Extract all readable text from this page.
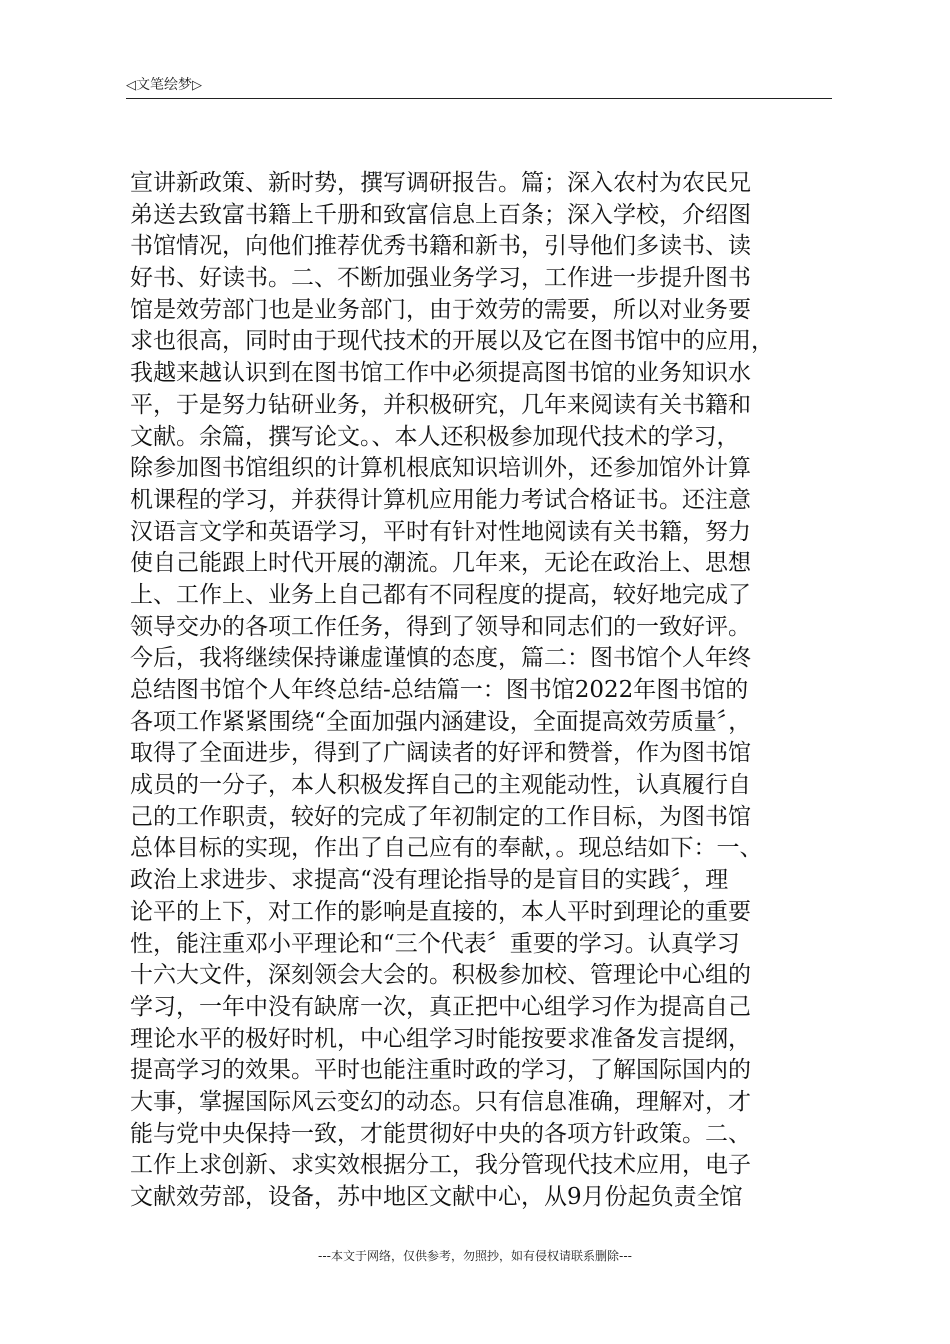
◁文笔绘梦▷
宣讲新政策、新时势，撰写调研报告。篇；深入农村为农民兄
弟送去致富书籍上千册和致富信息上百条；深入学校，介绍图
书馆情况，向他们推荐优秀书籍和新书，引导他们多读书、读
好书、好读书。二、不断加强业务学习，工作进一步提升图书
馆是效劳部门也是业务部门，由于效劳的需要，所以对业务要
求也很高，同时由于现代技术的开展以及它在图书馆中的应用，
我越来越认识到在图书馆工作中必须提高图书馆的业务知识水
平，于是努力钻研业务，并积极研究，几年来阅读有关书籍和
文献。余篇，撰写论文。、本人还积极参加现代技术的学习，
除参加图书馆组织的计算机根底知识培训外，还参加馆外计算
机课程的学习，并获得计算机应用能力考试合格证书。还注意
汉语言文学和英语学习，平时有针对性地阅读有关书籍，努力
使自己能跟上时代开展的潮流。几年来，无论在政治上、思想
上、工作上、业务上自己都有不同程度的提高，较好地完成了
领导交办的各项工作任务，得到了领导和同志们的一致好评。
今后，我将继续保持谦虚谨慎的态度，篇二：图书馆个人年终
总结图书馆个人年终总结-总结篇一：图书馆2022年图书馆的
各项工作紧紧围绕“全面加强内涵建设，全面提高效劳质量〞，
取得了全面进步，得到了广阔读者的好评和赞誉，作为图书馆
成员的一分子，本人积极发挥自己的主观能动性，认真履行自
己的工作职责，较好的完成了年初制定的工作目标，为图书馆
总体目标的实现，作出了自己应有的奉献，。现总结如下：一、
政治上求进步、求提高“没有理论指导的是盲目的实践〞，理
论平的上下，对工作的影响是直接的，本人平时到理论的重要
性，能注重邓小平理论和“三个代表〞重要的学习。认真学习
十六大文件，深刻领会大会的。积极参加校、管理论中心组的
学习，一年中没有缺席一次，真正把中心组学习作为提高自己
理论水平的极好时机，中心组学习时能按要求准备发言提纲，
提高学习的效果。平时也能注重时政的学习，了解国际国内的
大事，掌握国际风云变幻的动态。只有信息准确，理解对，才
能与党中央保持一致，才能贯彻好中央的各项方针政策。二、
工作上求创新、求实效根据分工，我分管现代技术应用，电子
文献效劳部，设备，苏中地区文献中心，从9月份起负责全馆
---本文于网络，仅供参考，勿照抄，如有侵权请联系删除---
